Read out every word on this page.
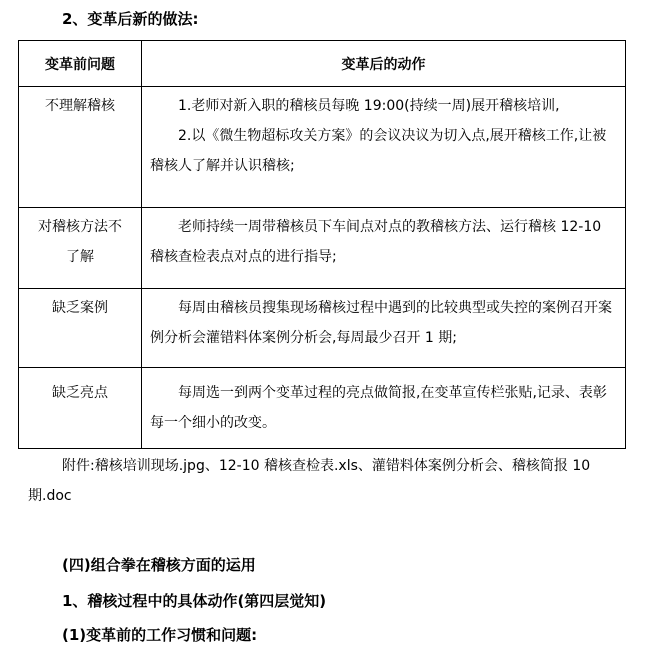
2、变革后新的做法:
变革前问题	变革后的动作

不理解稽核	1.老师对新入职的稽核员每晚 19:00(持续一周)展开稽核培训,

2.以《微生物超标攻关方案》的会议决议为切入点,展开稽核工作,让被稽核人了解并认识稽核;

对稽核方法不了解	老师持续一周带稽核员下车间点对点的教稽核方法、运行稽核 12-10 稽核查检表点对点的进行指导;

缺乏案例	每周由稽核员搜集现场稽核过程中遇到的比较典型或失控的案例召开案例分析会灌错料体案例分析会,每周最少召开 1 期;

缺乏亮点	每周选一到两个变革过程的亮点做简报,在变革宣传栏张贴,记录、表彰每一个细小的改变。

附件:稽核培训现场.jpg、12-10 稽核查检表.xls、灌错料体案例分析会、稽核简报 10 期.doc
(四)组合拳在稽核方面的运用
1、稽核过程中的具体动作(第四层觉知)
(1)变革前的工作习惯和问题:
